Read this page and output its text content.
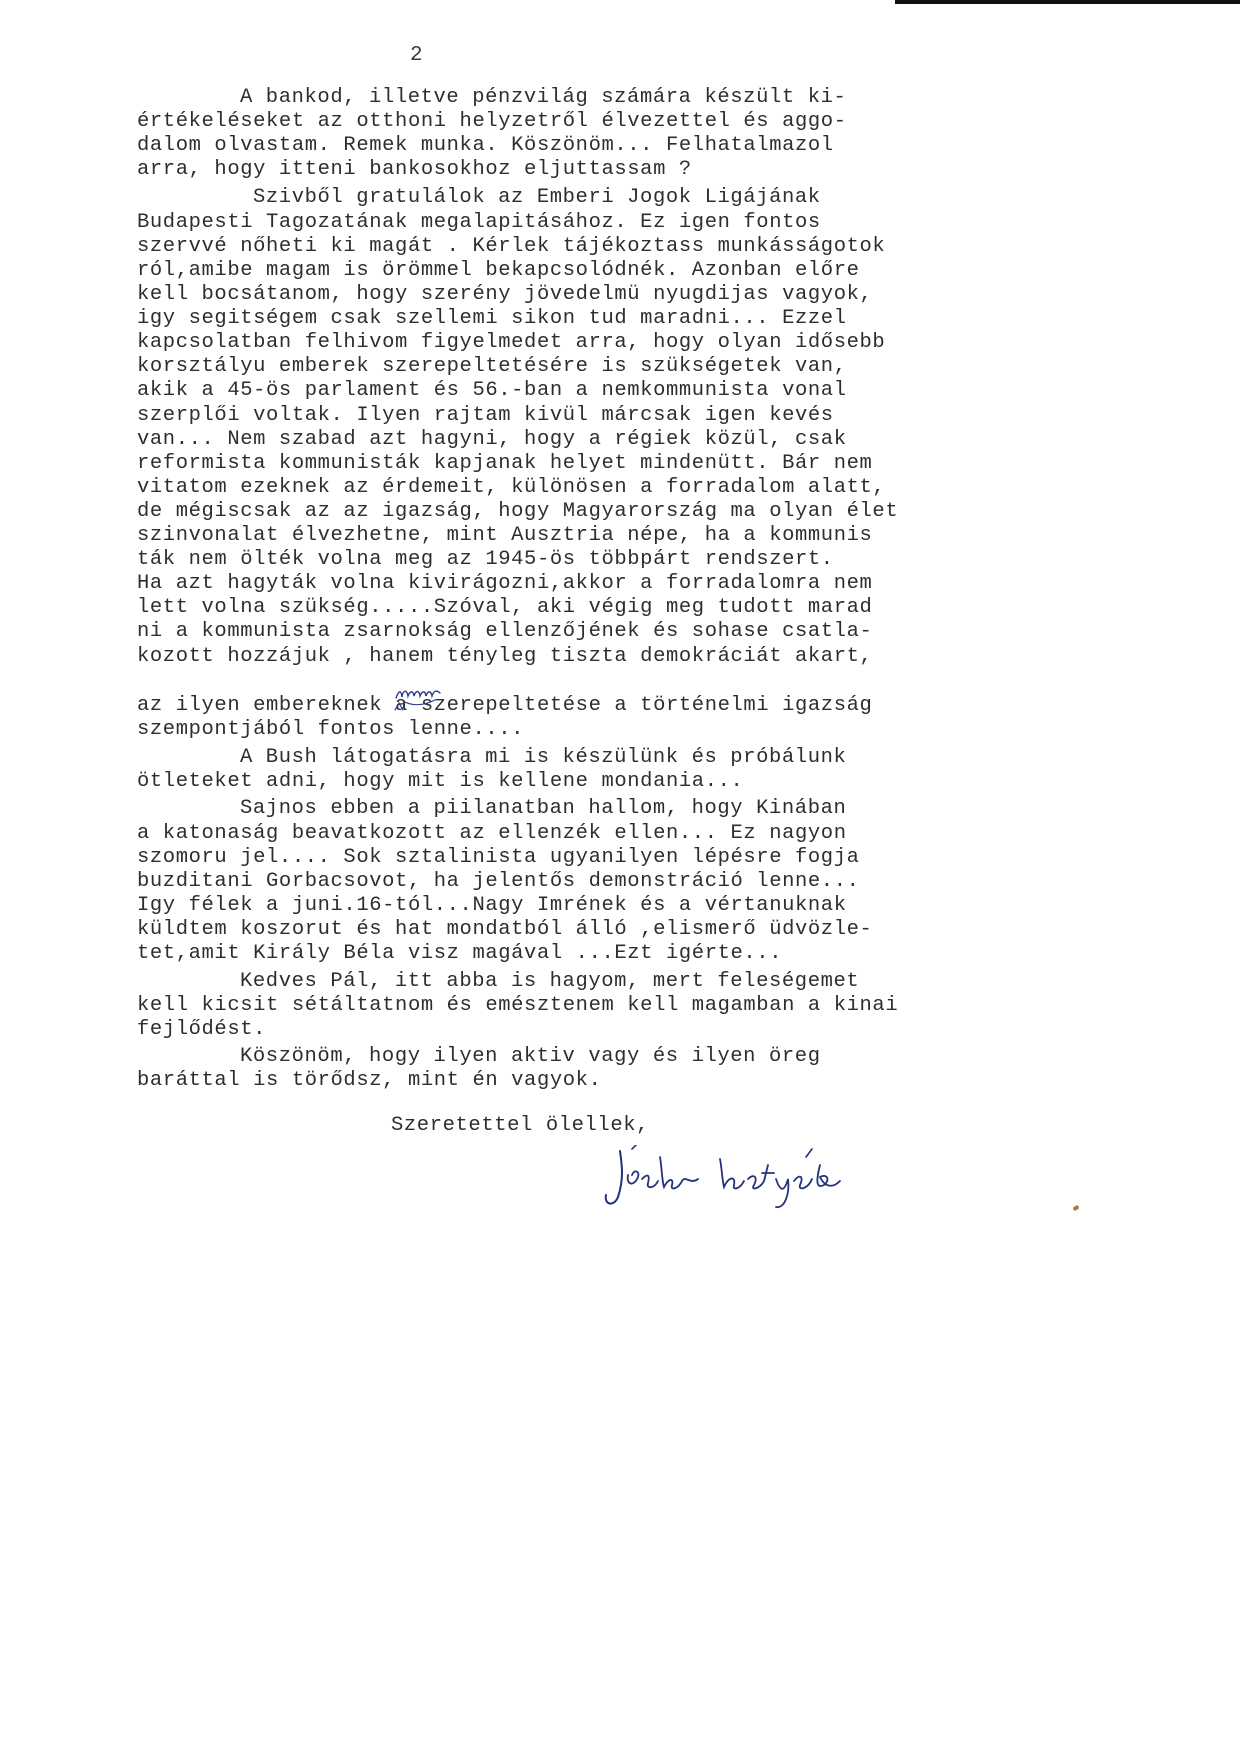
2
A bankod, illetve pénzvilág számára készült ki-
értékeléseket az otthoni helyzetről élvezettel és aggo-
dalom olvastam. Remek munka. Köszönöm... Felhatalmazol
arra, hogy itteni bankosokhoz eljuttassam ?
Szivből gratulálok az Emberi Jogok Ligájának
Budapesti Tagozatának megalapitásához. Ez igen fontos
szervvé nőheti ki magát . Kérlek tájékoztass munkásságotok
ról,amibe magam is örömmel bekapcsolódnék. Azonban előre
kell bocsátanom, hogy szerény jövedelmü nyugdijas vagyok,
igy segitségem csak szellemi sikon tud maradni... Ezzel
kapcsolatban felhivom figyelmedet arra, hogy olyan idősebb
korsztályu emberek szerepeltetésére is szükségetek van,
akik a 45-ös parlament és 56.-ban a nemkommunista vonal
szerplői voltak. Ilyen rajtam kivül márcsak igen kevés
van... Nem szabad azt hagyni, hogy a régiek közül, csak
reformista kommunisták kapjanak helyet mindenütt. Bár nem
vitatom ezeknek az érdemeit, különösen a forradalom alatt,
de mégiscsak az az igazság, hogy Magyarország ma olyan élet
szinvonalat élvezhetne, mint Ausztria népe, ha a kommunis
ták nem ölték volna meg az 1945-ös többpárt rendszert.
Ha azt hagyták volna kivirágozni,akkor a forradalomra nem
lett volna szükség.....Szóval, aki végig meg tudott marad
ni a kommunista zsarnokság ellenzőjének és sohase csatla-
kozott hozzájuk , hanem tényleg tiszta demokráciát akart,
az ilyen embereknek a szerepeltetése a történelmi igazság
szempontjából fontos lenne....
A Bush látogatásra mi is készülünk és próbálunk
ötleteket adni, hogy mit is kellene mondania...
Sajnos ebben a piilanatban hallom, hogy Kinában
a katonaság beavatkozott az ellenzék ellen... Ez nagyon
szomoru jel.... Sok sztalinista ugyanilyen lépésre fogja
buzditani Gorbacsovot, ha jelentős demonstráció lenne...
Igy félek a juni.16-tól...Nagy Imrének és a vértanuknak
küldtem koszorut és hat mondatból álló ,elismerő üdvözle-
tet,amit Király Béla visz magával ...Ezt igérte...
Kedves Pál, itt abba is hagyom, mert feleségemet
kell kicsit sétáltatnom és emésztenem kell magamban a kinai
fejlődést.
Köszönöm, hogy ilyen aktiv vagy és ilyen öreg
baráttal is törődsz, mint én vagyok.
Szeretettel ölellek,
